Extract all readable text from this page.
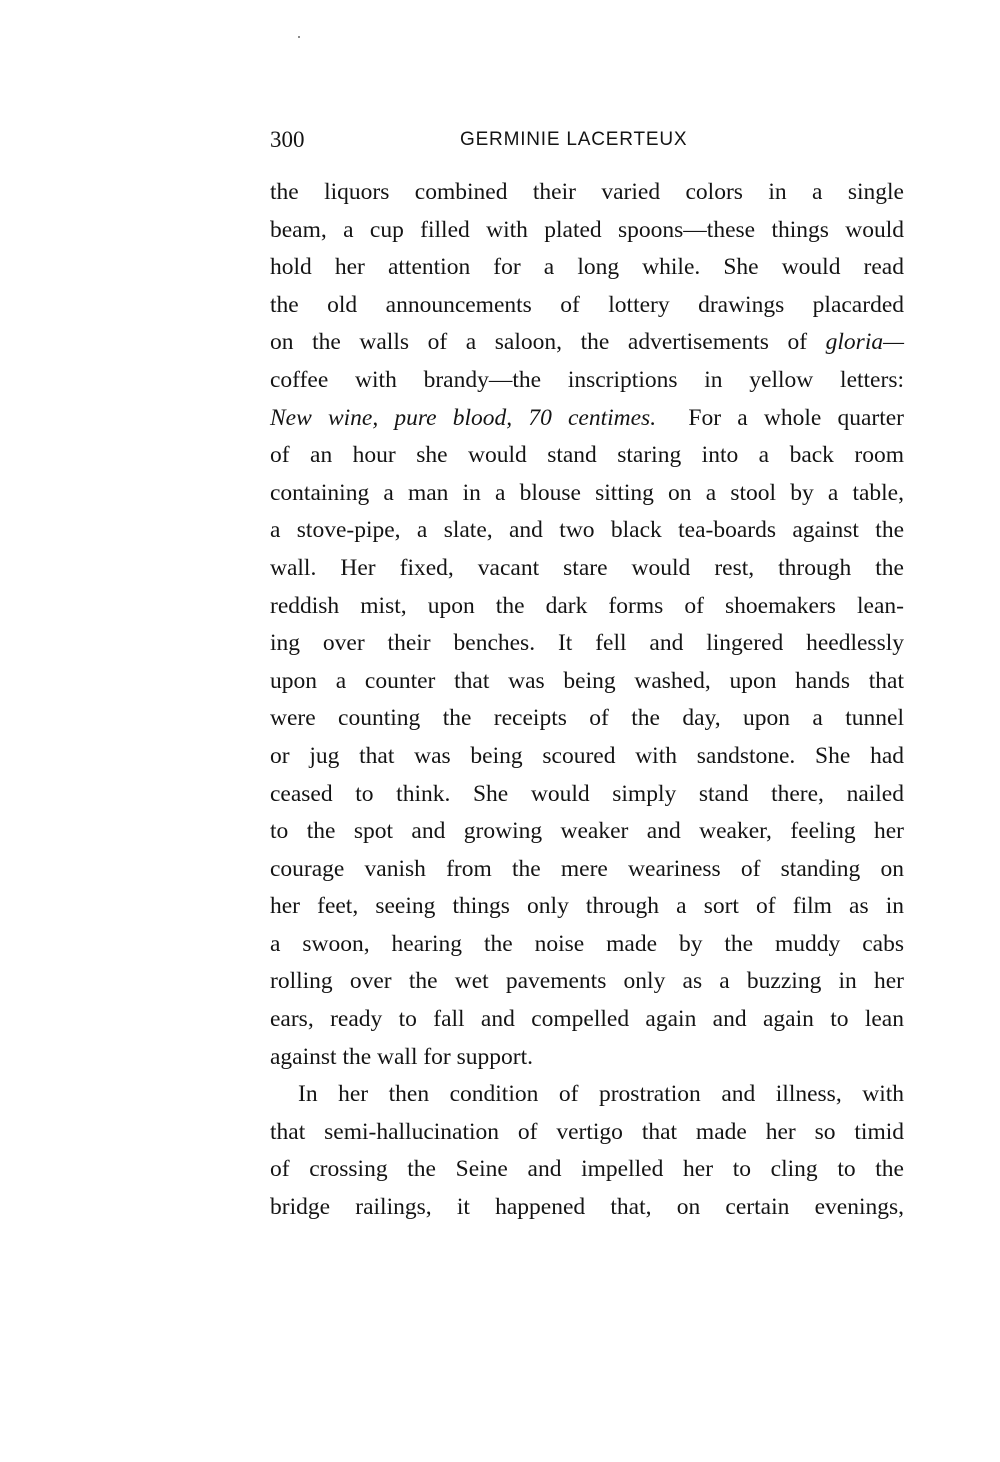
300	GERMINIE LACERTEUX
the liquors combined their varied colors in a single
beam, a cup filled with plated spoons—these things would
hold her attention for a long while. She would read
the old announcements of lottery drawings placarded
on the walls of a saloon, the advertisements of gloria—
coffee with brandy—the inscriptions in yellow letters:
New wine, pure blood, 70 centimes.  For a whole quarter
of an hour she would stand staring into a back room
containing a man in a blouse sitting on a stool by a table,
a stove-pipe, a slate, and two black tea-boards against the
wall. Her fixed, vacant stare would rest, through the
reddish mist, upon the dark forms of shoemakers lean-
ing over their benches. It fell and lingered heedlessly
upon a counter that was being washed, upon hands that
were counting the receipts of the day, upon a tunnel
or jug that was being scoured with sandstone. She had
ceased to think. She would simply stand there, nailed
to the spot and growing weaker and weaker, feeling her
courage vanish from the mere weariness of standing on
her feet, seeing things only through a sort of film as in
a swoon, hearing the noise made by the muddy cabs
rolling over the wet pavements only as a buzzing in her
ears, ready to fall and compelled again and again to lean
against the wall for support.
In her then condition of prostration and illness, with
that semi-hallucination of vertigo that made her so timid
of crossing the Seine and impelled her to cling to the
bridge railings, it happened that, on certain evenings,
